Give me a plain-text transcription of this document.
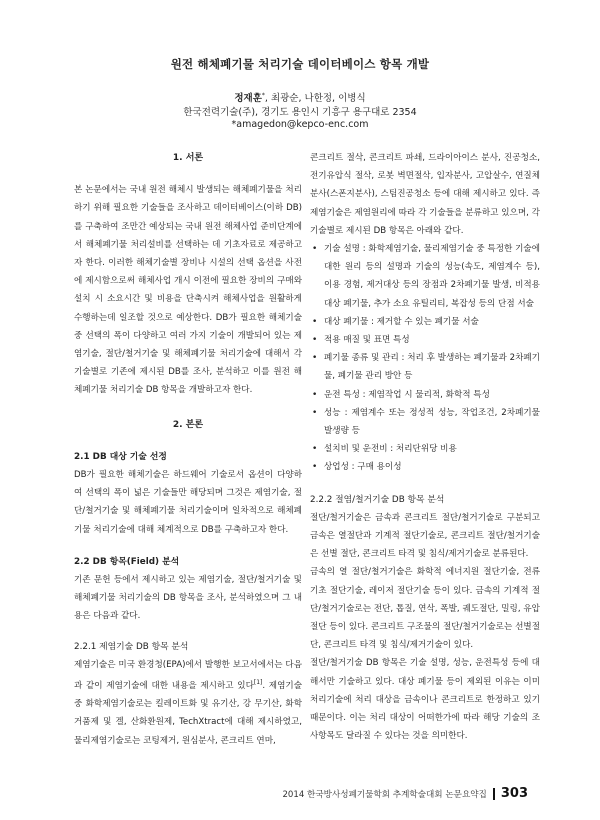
원전 해체폐기물 처리기술 데이터베이스 항목 개발
정재훈*, 최광순, 나한정, 이병식
한국전력기술(주), 경기도 용인시 기흥구 용구대로 2354
*amagedon@kepco-enc.com
1. 서론

본 논문에서는 국내 원전 해체시 발생되는 해체폐기물을 처리하기 위해 필요한 기술들을 조사하고 데이터베이스(이하 DB)를 구축하여 조만간 예상되는 국내 원전 해체사업 준비단계에서 해체폐기물 처리설비를 선택하는 데 기초자료로 제공하고자 한다. 이러한 해체기술별 장비나 시설의 선택 옵션을 사전에 제시함으로써 해체사업 개시 이전에 필요한 장비의 구매와 설치 시 소요시간 및 비용을 단축시켜 해체사업을 원활하게 수행하는데 일조할 것으로 예상한다. DB가 필요한 해체기술 중 선택의 폭이 다양하고 여러 가지 기술이 개발되어 있는 제염기술, 절단/철거기술 및 해체폐기물 처리기술에 대해서 각 기술별로 기존에 제시된 DB를 조사, 분석하고 이를 원전 해체폐기물 처리기술 DB 항목을 개발하고자 한다.

2. 본론
2.1 DB 대상 기술 선정

DB가 필요한 해체기술은 하드웨어 기술로서 옵션이 다양하여 선택의 폭이 넓은 기술들만 해당되며 그것은 제염기술, 절단/철거기술 및 해체폐기물 처리기술이며 일차적으로 해체폐기물 처리기술에 대해 체계적으로 DB를 구축하고자 한다.

2.2 DB 항목(Field) 분석

기존 문헌 등에서 제시하고 있는 제염기술, 절단/철거기술 및 해체폐기물 처리기술의 DB 항목을 조사, 분석하였으며 그 내용은 다음과 같다.

2.2.1 제염기술 DB 항목 분석

제염기술은 미국 환경청(EPA)에서 발행한 보고서에서는 다음과 같이 제염기술에 대한 내용을 제시하고 있다[1]. 제염기술 중 화학제염기술로는 킬레이트화 및 유기산, 강 무기산, 화학거품제 및 겔, 산화환원제, TechXtract에 대해 제시하였고, 물리제염기술로는 코팅제거, 원심분사, 콘크리트 연마,

콘크리트 절삭, 콘크리트 파쇄, 드라이아이스 분사, 진공청소, 전기유압식 절삭, 로봇 벽면절삭, 입자분사, 고압살수, 연질체 분사(스폰지분사), 스팀진공청소 등에 대해 제시하고 있다. 즉 제염기술은 제염원리에 따라 각 기술들을 분류하고 있으며, 각 기술별로 제시된 DB 항목은 아래와 같다.

• 기술 설명 : 화학제염기술, 물리제염기술 중 특정한 기술에 대한 원리 등의 설명과 기술의 성능(속도, 제염계수 등), 이용 경험, 제거대상 등의 장점과 2차폐기물 발생, 비적용 대상 폐기물, 추가 소요 유틸리티, 복잡성 등의 단점 서술
• 대상 폐기물 : 제거할 수 있는 폐기물 서술
• 적용 매질 및 표면 특성
• 폐기물 종류 및 관리 : 처리 후 발생하는 폐기물과 2차폐기물, 폐기물 관리 방안 등
• 운전 특성 : 제염작업 시 물리적, 화학적 특성
• 성능 : 제염계수 또는 정성적 성능, 작업조건, 2차폐기물 발생량 등
• 설치비 및 운전비 : 처리단위당 비용
• 상업성 : 구매 용이성
2.2.2 절염/철거기술 DB 항목 분석

절단/철거기술은 금속과 콘크리트 절단/철거기술로 구분되고 금속은 열절단과 기계적 절단기술로, 콘크리트 절단/철거기술은 선별 절단, 콘크리트 타격 및 침식/제거기술로 분류된다.

금속의 열 절단/철거기술은 화학적 에너지원 절단기술, 전류 기초 절단기술, 레이저 절단기술 등이 있다. 금속의 기계적 절단/철거기술로는 전단, 톱질, 연삭, 폭발, 궤도절단, 밀링, 유압절단 등이 있다. 콘크리트 구조물의 절단/철거기술로는 선별절단, 콘크리트 타격 및 침식/제거기술이 있다.

절단/철거기술 DB 항목은 기술 설명, 성능, 운전특성 등에 대해서만 기술하고 있다. 대상 폐기물 등이 제외된 이유는 이미 처리기술에 처리 대상을 금속이나 콘크리트로 한정하고 있기 때문이다. 이는 처리 대상이 어떠한가에 따라 해당 기술의 조사항목도 달라질 수 있다는 것을 의미한다.

2014 한국방사성폐기물학회 추계학술대회 논문요약집 303
